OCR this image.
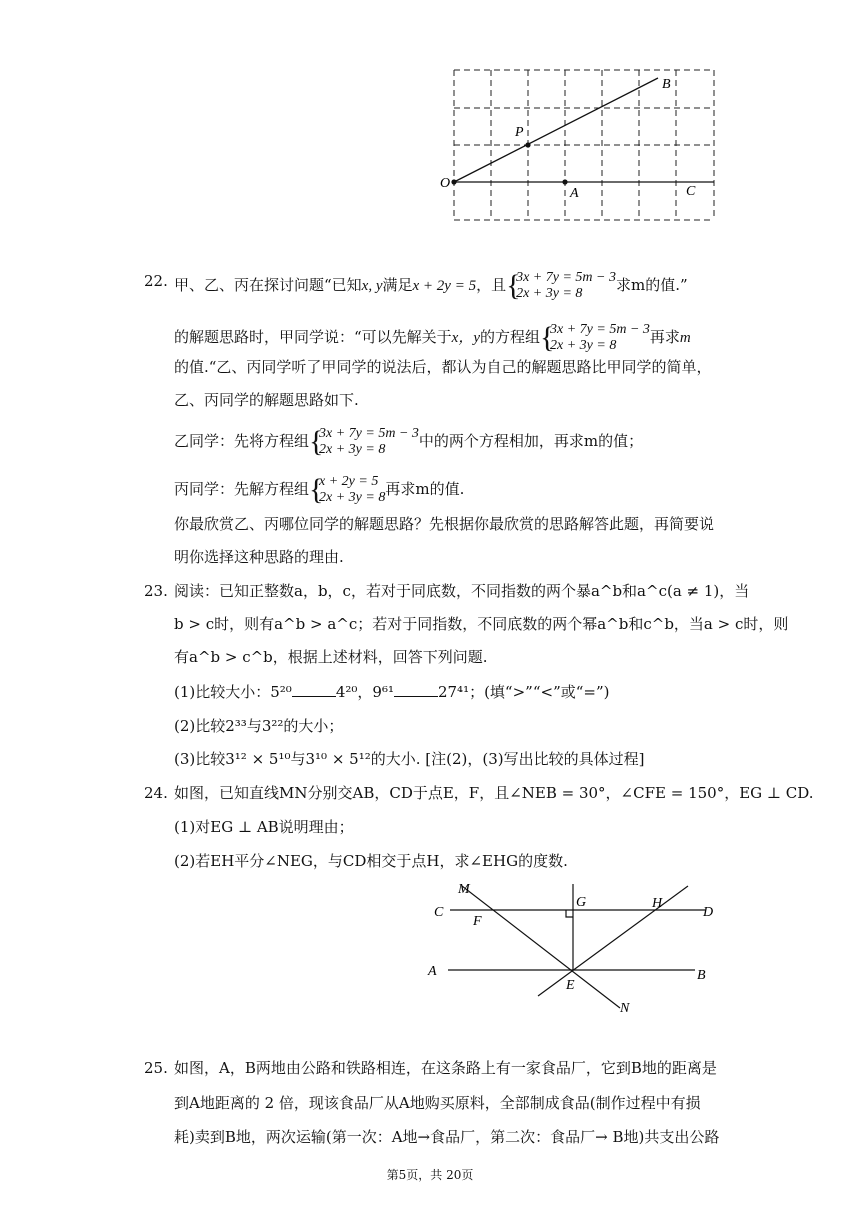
O
P
A
B
C
22. 甲、乙、丙在探讨问题“已知x, y满足x + 2y = 5，且 {
3x + 7y = 5m − 3
2x + 3y = 8	求m的值.”
的解题思路时，甲同学说：“可以先解关于x，y的方程组 {
3x + 7y = 5m − 3
2x + 3y = 8	再求m
的值.“乙、丙同学听了甲同学的说法后，都认为自己的解题思路比甲同学的简单，
乙、丙同学的解题思路如下.
乙同学：先将方程组 {
3x + 7y = 5m − 3
2x + 3y = 8	中的两个方程相加，再求m的值；
丙同学：先解方程组 {
x + 2y = 5
2x + 3y = 8 再求m的值.
你最欣赏乙、丙哪位同学的解题思路？先根据你最欣赏的思路解答此题，再简要说
明你选择这种思路的理由.
23. 阅读：已知正整数a，b，c，若对于同底数，不同指数的两个暴a^b和a^c(a ≠ 1)，当
b > c时，则有a^b > a^c；若对于同指数，不同底数的两个幂a^b和c^b，当a > c时，则
有a^b > c^b，根据上述材料，回答下列问题.
(1)比较大小：5²⁰	4²⁰，9⁶¹	27⁴¹；(填“>”“<”或“=”)
(2)比较2³³与3²²的大小；
(3)比较3¹² × 5¹⁰与3¹⁰ × 5¹²的大小. [注(2)，(3)写出比较的具体过程]
24. 如图，已知直线MN分别交AB，CD于点E，F，且∠NEB = 30°，∠CFE = 150°，EG ⊥ CD.
(1)对EG ⊥ AB说明理由；
(2)若EH平分∠NEG，与CD相交于点H，求∠EHG的度数.
M
C
F
G	H
D
A	B
E
N
25. 如图，A，B两地由公路和铁路相连，在这条路上有一家食品厂，它到B地的距离是
到A地距离的 2 倍，现该食品厂从A地购买原料，全部制成食品(制作过程中有损
耗)卖到B地，两次运输(第一次：A地→食品厂，第二次：食品厂→ B地)共支出公路
第5页，共 20页
